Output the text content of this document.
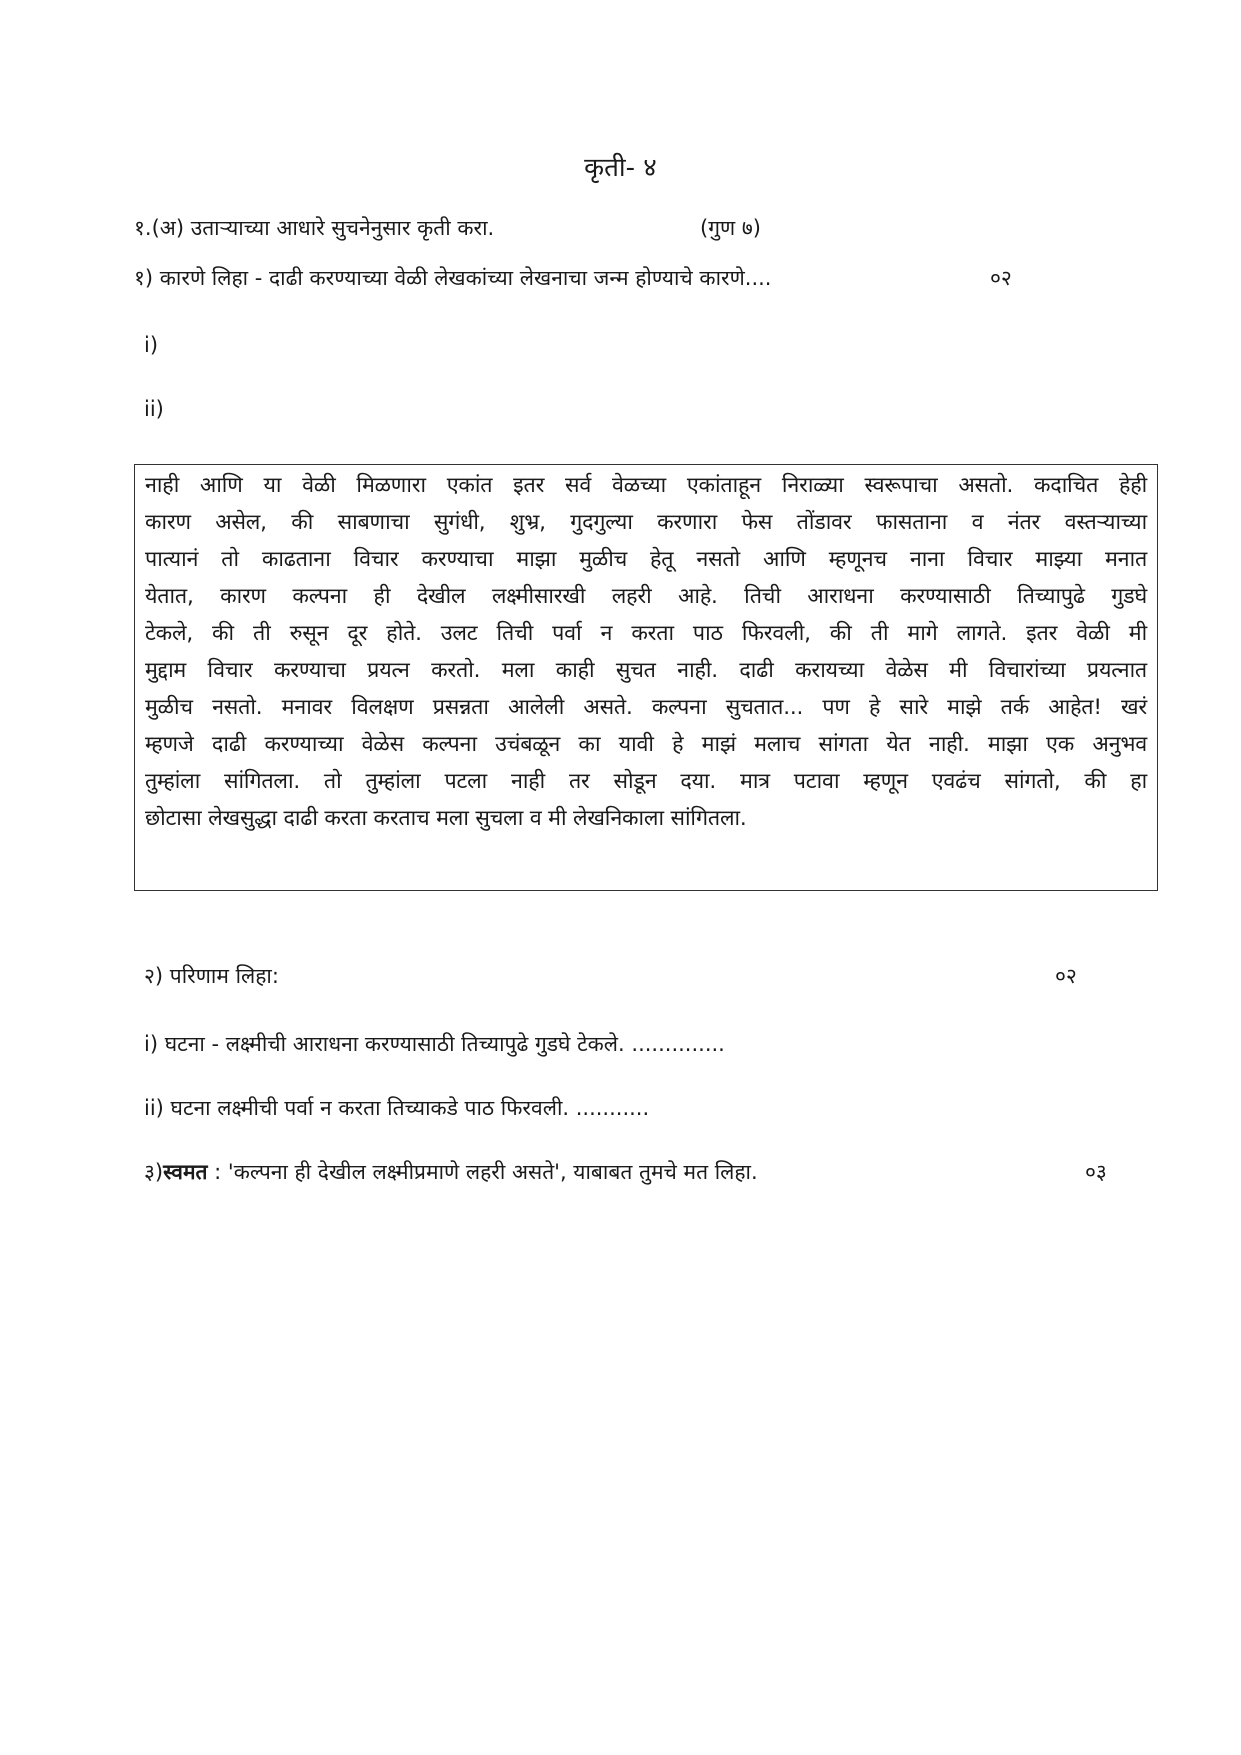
कृती- ४
१.(अ) उताऱ्याच्या आधारे सुचनेनुसार कृती करा.	(गुण ७)
१) कारणे लिहा - दाढी करण्याच्या वेळी लेखकांच्या लेखनाचा जन्म होण्याचे कारणे....	०२
i)
ii)
नाही आणि या वेळी मिळणारा एकांत इतर सर्व वेळच्या एकांताहून निराळ्या स्वरूपाचा असतो. कदाचित हेही
कारण असेल, की साबणाचा सुगंधी, शुभ्र, गुदगुल्या करणारा फेस तोंडावर फासताना व नंतर वस्तऱ्याच्या
पात्यानं तो काढताना विचार करण्याचा माझा मुळीच हेतू नसतो आणि म्हणूनच नाना विचार माझ्या मनात
येतात, कारण कल्पना ही देखील लक्ष्मीसारखी लहरी आहे. तिची आराधना करण्यासाठी तिच्यापुढे गुडघे
टेकले, की ती रुसून दूर होते. उलट तिची पर्वा न करता पाठ फिरवली, की ती मागे लागते. इतर वेळी मी
मुद्दाम विचार करण्याचा प्रयत्न करतो. मला काही सुचत नाही. दाढी करायच्या वेळेस मी विचारांच्या प्रयत्नात
मुळीच नसतो. मनावर विलक्षण प्रसन्नता आलेली असते. कल्पना सुचतात... पण हे सारे माझे तर्क आहेत! खरं
म्हणजे दाढी करण्याच्या वेळेस कल्पना उचंबळून का यावी हे माझं मलाच सांगता येत नाही. माझा एक अनुभव
तुम्हांला सांगितला. तो तुम्हांला पटला नाही तर सोडून दया. मात्र पटावा म्हणून एवढंच सांगतो, की हा
छोटासा लेखसुद्धा दाढी करता करताच मला सुचला व मी लेखनिकाला सांगितला.
२) परिणाम लिहा:	०२
i) घटना - लक्ष्मीची आराधना करण्यासाठी तिच्यापुढे गुडघे टेकले. ..............
ii) घटना लक्ष्मीची पर्वा न करता तिच्याकडे पाठ फिरवली. ...........
३)स्वमत : 'कल्पना ही देखील लक्ष्मीप्रमाणे लहरी असते', याबाबत तुमचे मत लिहा.	०३
